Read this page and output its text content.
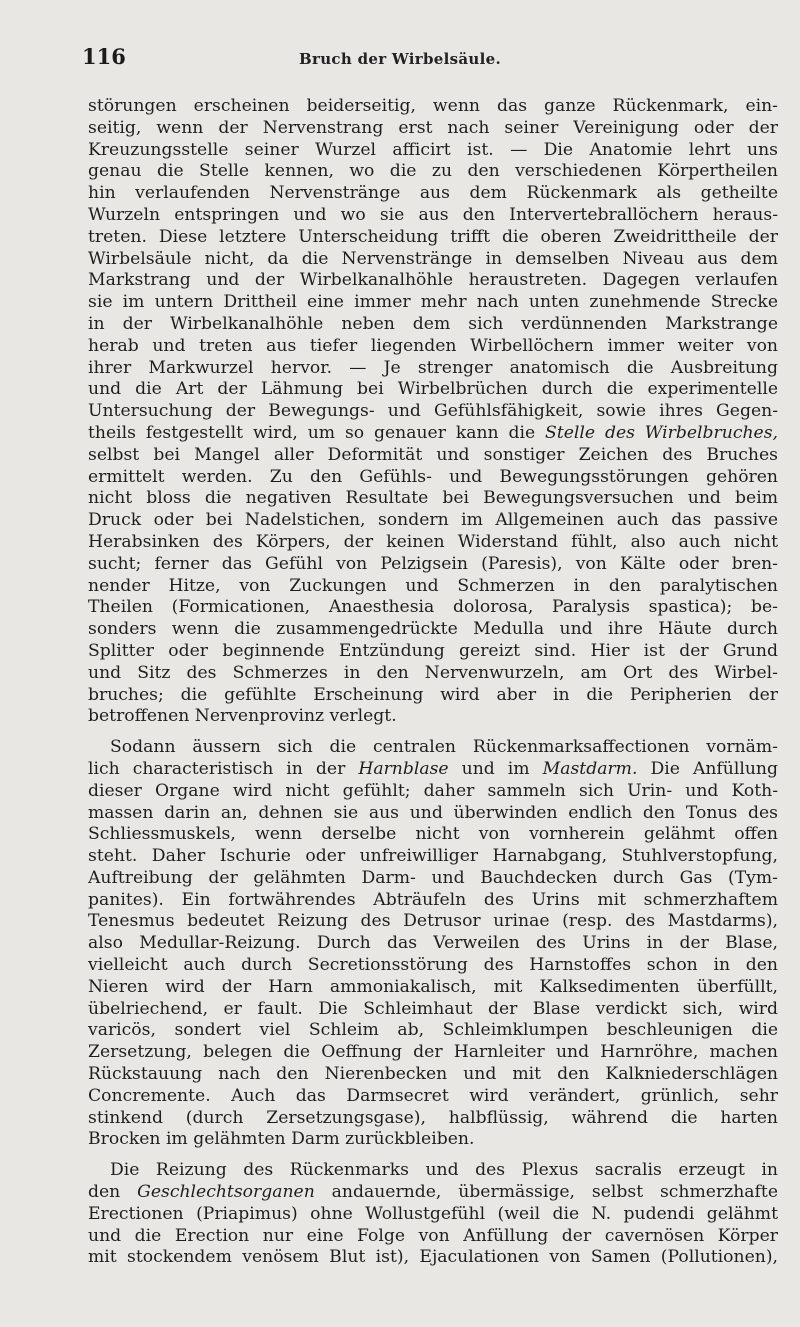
116	Bruch der Wirbelsäule.
störungen erscheinen beiderseitig, wenn das ganze Rückenmark, ein-
seitig, wenn der Nervenstrang erst nach seiner Vereinigung oder der
Kreuzungsstelle seiner Wurzel afficirt ist. — Die Anatomie lehrt uns
genau die Stelle kennen, wo die zu den verschiedenen Körpertheilen
hin verlaufenden Nervenstränge aus dem Rückenmark als getheilte
Wurzeln entspringen und wo sie aus den Intervertebrallöchern heraus-
treten. Diese letztere Unterscheidung trifft die oberen Zweidrittheile der
Wirbelsäule nicht, da die Nervenstränge in demselben Niveau aus dem
Markstrang und der Wirbelkanalhöhle heraustreten. Dagegen verlaufen
sie im untern Drittheil eine immer mehr nach unten zunehmende Strecke
in der Wirbelkanalhöhle neben dem sich verdünnenden Markstrange
herab und treten aus tiefer liegenden Wirbellöchern immer weiter von
ihrer Markwurzel hervor. — Je strenger anatomisch die Ausbreitung
und die Art der Lähmung bei Wirbelbrüchen durch die experimentelle
Untersuchung der Bewegungs- und Gefühlsfähigkeit, sowie ihres Gegen-
theils festgestellt wird, um so genauer kann die Stelle des Wirbelbruches,
selbst bei Mangel aller Deformität und sonstiger Zeichen des Bruches
ermittelt werden. Zu den Gefühls- und Bewegungsstörungen gehören
nicht bloss die negativen Resultate bei Bewegungsversuchen und beim
Druck oder bei Nadelstichen, sondern im Allgemeinen auch das passive
Herabsinken des Körpers, der keinen Widerstand fühlt, also auch nicht
sucht; ferner das Gefühl von Pelzigsein (Paresis), von Kälte oder bren-
nender Hitze, von Zuckungen und Schmerzen in den paralytischen
Theilen (Formicationen, Anaesthesia dolorosa, Paralysis spastica); be-
sonders wenn die zusammengedrückte Medulla und ihre Häute durch
Splitter oder beginnende Entzündung gereizt sind. Hier ist der Grund
und Sitz des Schmerzes in den Nervenwurzeln, am Ort des Wirbel-
bruches; die gefühlte Erscheinung wird aber in die Peripherien der
betroffenen Nervenprovinz verlegt.
Sodann äussern sich die centralen Rückenmarksaffectionen vornäm-
lich characteristisch in der Harnblase und im Mastdarm. Die Anfüllung
dieser Organe wird nicht gefühlt; daher sammeln sich Urin- und Koth-
massen darin an, dehnen sie aus und überwinden endlich den Tonus des
Schliessmuskels, wenn derselbe nicht von vornherein gelähmt offen
steht. Daher Ischurie oder unfreiwilliger Harnabgang, Stuhlverstopfung,
Auftreibung der gelähmten Darm- und Bauchdecken durch Gas (Tym-
panites). Ein fortwährendes Abträufeln des Urins mit schmerzhaftem
Tenesmus bedeutet Reizung des Detrusor urinae (resp. des Mastdarms),
also Medullar-Reizung. Durch das Verweilen des Urins in der Blase,
vielleicht auch durch Secretionsstörung des Harnstoffes schon in den
Nieren wird der Harn ammoniakalisch, mit Kalksedimenten überfüllt,
übelriechend, er fault. Die Schleimhaut der Blase verdickt sich, wird
varicös, sondert viel Schleim ab, Schleimklumpen beschleunigen die
Zersetzung, belegen die Oeffnung der Harnleiter und Harnröhre, machen
Rückstauung nach den Nierenbecken und mit den Kalkniederschlägen
Concremente. Auch das Darmsecret wird verändert, grünlich, sehr
stinkend (durch Zersetzungsgase), halbflüssig, während die harten
Brocken im gelähmten Darm zurückbleiben.
Die Reizung des Rückenmarks und des Plexus sacralis erzeugt in
den Geschlechtsorganen andauernde, übermässige, selbst schmerzhafte
Erectionen (Priapimus) ohne Wollustgefühl (weil die N. pudendi gelähmt
und die Erection nur eine Folge von Anfüllung der cavernösen Körper
mit stockendem venösem Blut ist), Ejaculationen von Samen (Pollutionen),
